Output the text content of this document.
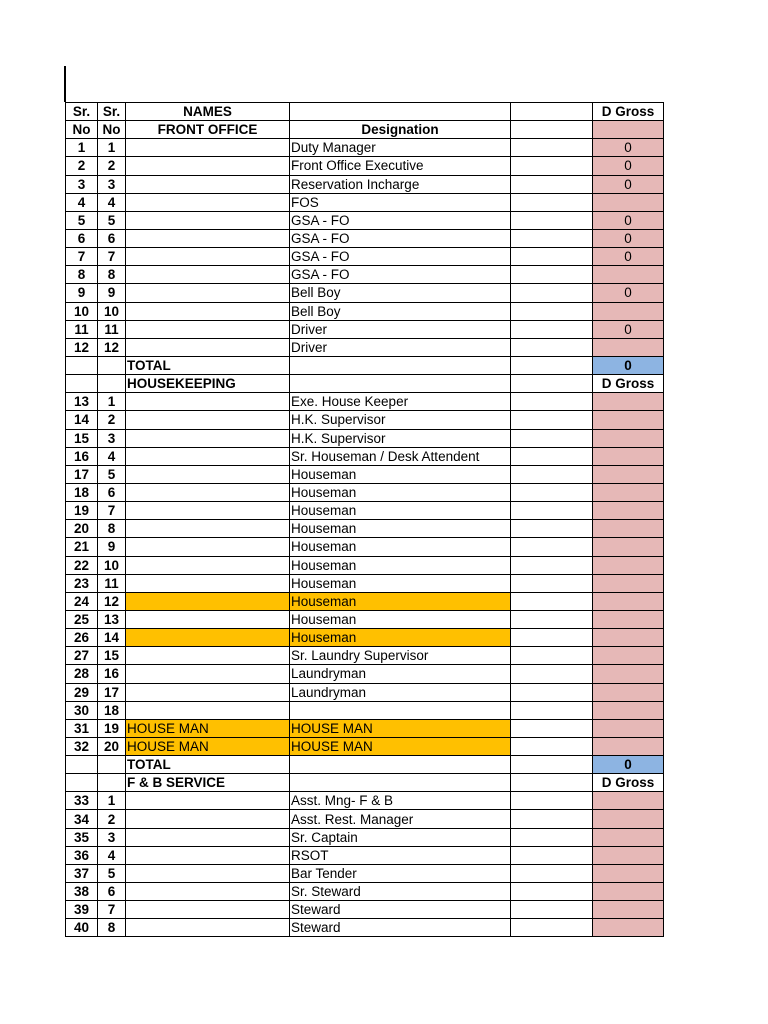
Sr.	Sr.	NAMES			D Gross
No	No	FRONT OFFICE	Designation		
1	1		Duty Manager		0
2	2		Front Office Executive		0
3	3		Reservation Incharge		0
4	4		FOS		
5	5		GSA - FO		0
6	6		GSA - FO		0
7	7		GSA - FO		0
8	8		GSA - FO		
9	9		Bell Boy		0
10	10		Bell Boy		
11	11		Driver		0
12	12		Driver		
		TOTAL			0
		HOUSEKEEPING			D Gross
13	1		Exe. House Keeper		
14	2		H.K. Supervisor		
15	3		H.K. Supervisor		
16	4		Sr. Houseman / Desk Attendent		
17	5		Houseman		
18	6		Houseman		
19	7		Houseman		
20	8		Houseman		
21	9		Houseman		
22	10		Houseman		
23	11		Houseman		
24	12		Houseman		
25	13		Houseman		
26	14		Houseman		
27	15		Sr. Laundry Supervisor		
28	16		Laundryman		
29	17		Laundryman		
30	18				
31	19	HOUSE MAN	HOUSE MAN		
32	20	HOUSE MAN	HOUSE MAN		
		TOTAL			0
		F & B SERVICE			D Gross
33	1		Asst. Mng- F & B		
34	2		Asst. Rest. Manager		
35	3		Sr. Captain		
36	4		RSOT		
37	5		Bar Tender		
38	6		Sr. Steward		
39	7		Steward		
40	8		Steward		
